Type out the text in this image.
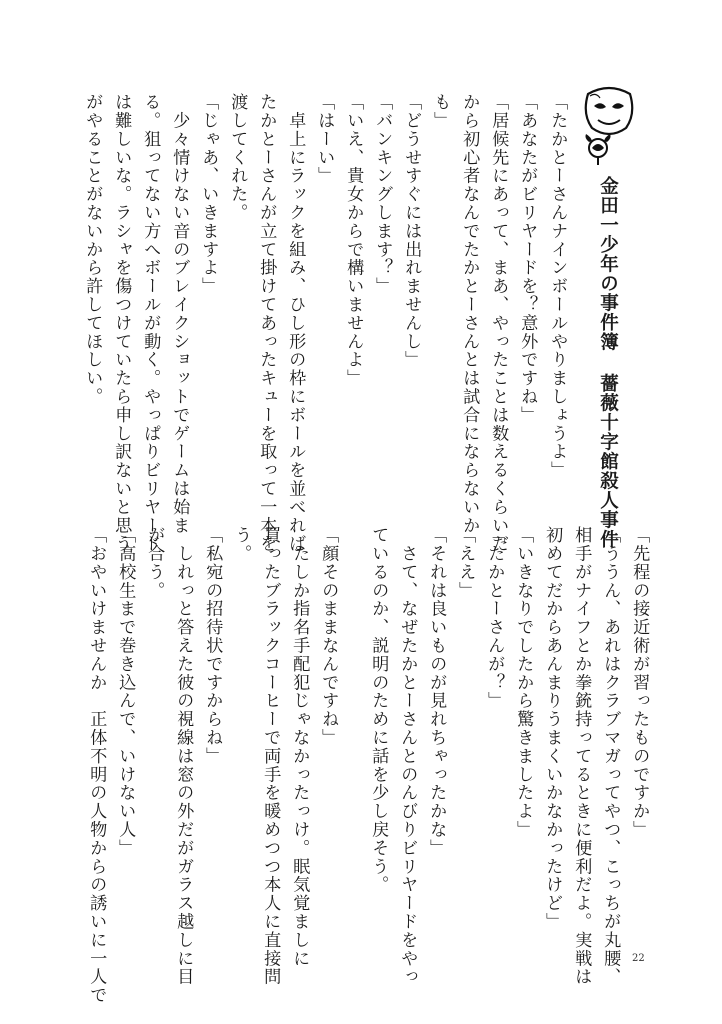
金田一少年の事件簿薔薇十字館殺人事件
「たかとーさんナインボールやりましょうよ」
「あなたがビリヤードを？意外ですね」
「居候先にあって、まあ、やったことは数えるくらいだ
から初心者なんでたかとーさんとは試合にならないか
も」
「どうせすぐには出れませんし」
「バンキングします？」
「いえ、貴女からで構いませんよ」
「はーい」
　卓上にラックを組み、ひし形の枠にボールを並べれば
たかとーさんが立て掛けてあったキューを取って一本を
渡してくれた。
「じゃあ、いきますよ」
　少々情けない音のブレイクショットでゲームは始ま
る。狙ってない方へボールが動く。やっぱりビリヤード
は難しいな。ラシャを傷つけていたら申し訳ないと思う
がやることがないから許してほしい。
「先程の接近術が習ったものですか」
「ううん、あれはクラブマガってやつ、こっちが丸腰、
相手がナイフとか拳銃持ってるときに便利だよ。実戦は
初めてだからあんまりうまくいかなかったけど」
「いきなりでしたから驚きましたよ」
「たかとーさんが？」
「ええ」
「それは良いものが見れちゃったかな」
　さて、なぜたかとーさんとのんびりビリヤードをやっ
ているのか、説明のために話を少し戻そう。
「顔そのままなんですね」
　たしか指名手配犯じゃなかったっけ。眠気覚ましに
買ったブラックコーヒーで両手を暖めつつ本人に直接問
う。
「私宛の招待状ですからね」
　しれっと答えた彼の視線は窓の外だがガラス越しに目
が合う。
「高校生まで巻き込んで、いけない人」
「おやいけませんか　正体不明の人物からの誘いに一人で	22
